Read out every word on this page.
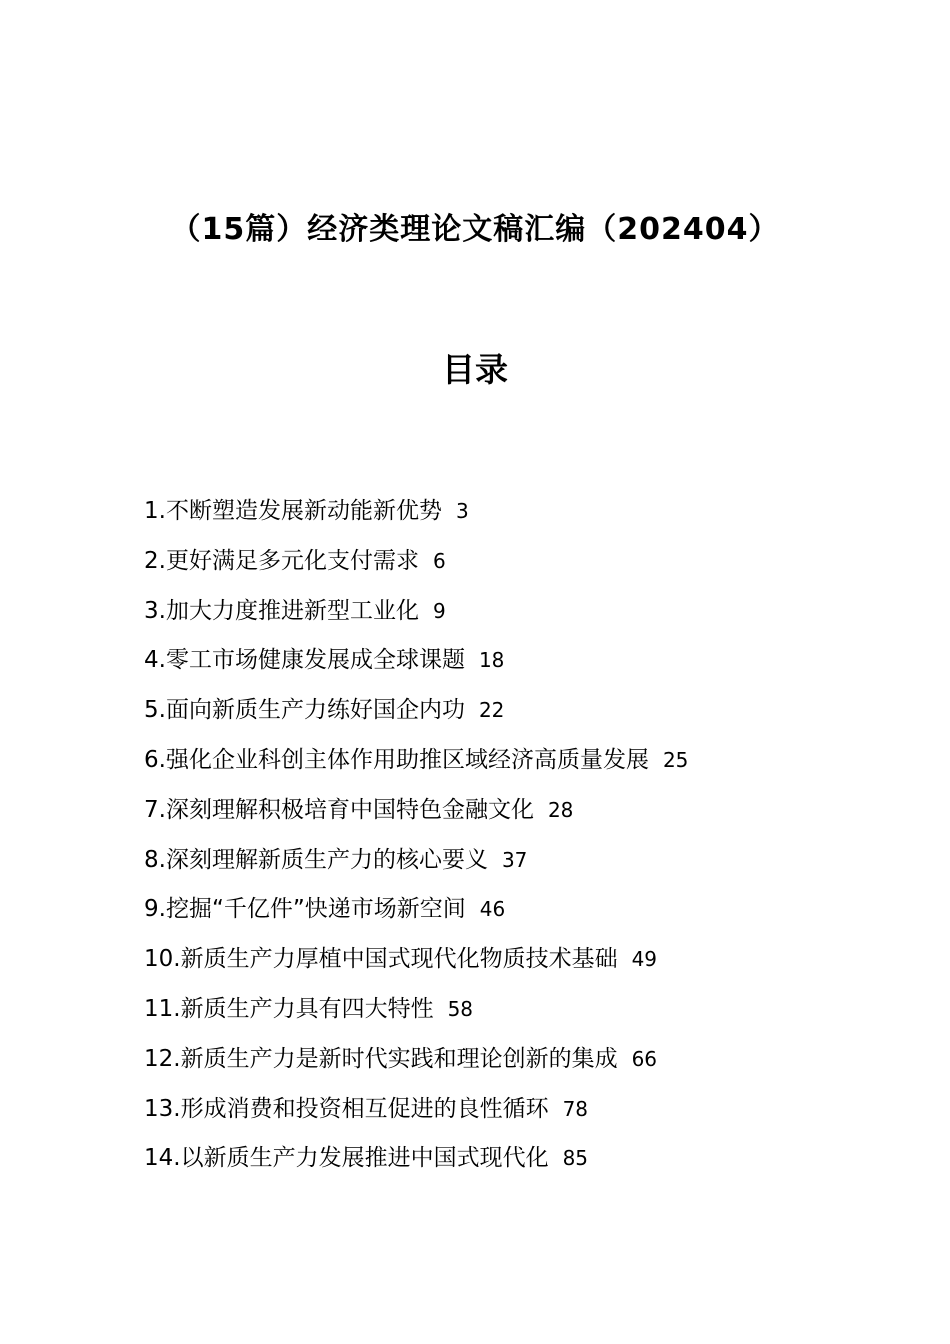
（15篇）经济类理论文稿汇编（202404）
目录
1.不断塑造发展新动能新优势 3
2.更好满足多元化支付需求 6
3.加大力度推进新型工业化 9
4.零工市场健康发展成全球课题 18
5.面向新质生产力练好国企内功 22
6.强化企业科创主体作用助推区域经济高质量发展 25
7.深刻理解积极培育中国特色金融文化 28
8.深刻理解新质生产力的核心要义 37
9.挖掘“千亿件”快递市场新空间 46
10.新质生产力厚植中国式现代化物质技术基础 49
11.新质生产力具有四大特性 58
12.新质生产力是新时代实践和理论创新的集成 66
13.形成消费和投资相互促进的良性循环 78
14.以新质生产力发展推进中国式现代化 85
